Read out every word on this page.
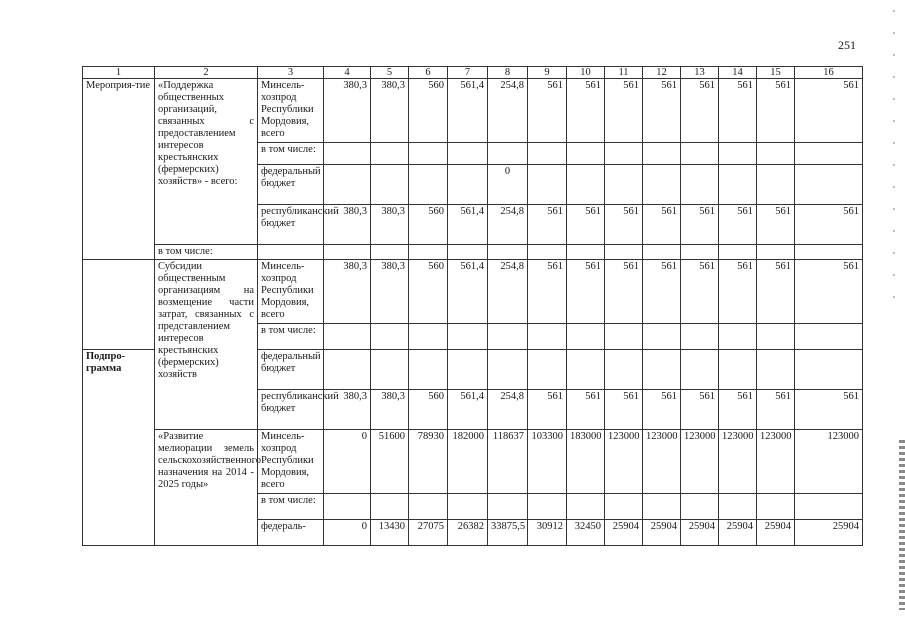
251
1	2	3	4	5	6	7	8	9	10	11	12	13	14	15	16
Мероприя-тие	«Поддержка общественных организаций, связанных с предоставлением интересов крестьянских (фермерских) хозяйств» - всего:	Минсель-хозпрод Республики Мордовия, всего	380,3	380,3	560	561,4	254,8	561	561	561	561	561	561	561	561
		в том числе:													
		федеральный бюджет					0								
		республиканский бюджет	380,3	380,3	560	561,4	254,8	561	561	561	561	561	561	561	561
	в том числе:														
	Субсидии общественным организациям на возмещение части затрат, связанных с представлением интересов крестьянских (фермерских) хозяйств	Минсель-хозпрод Республики Мордовия, всего	380,3	380,3	560	561,4	254,8	561	561	561	561	561	561	561	561
		в том числе:													
Подпро-грамма		федеральный бюджет													
		республиканский бюджет	380,3	380,3	560	561,4	254,8	561	561	561	561	561	561	561	561
	«Развитие мелиорации земель сельскохозяйственного назначения на 2014 - 2025 годы»	Минсель-хозпрод Республики Мордовия, всего	0	51600	78930	182000	118637	103300	183000	123000	123000	123000	123000	123000	123000
		в том числе:													
		федераль-	0	13430	27075	26382	33875,5	30912	32450	25904	25904	25904	25904	25904	25904
